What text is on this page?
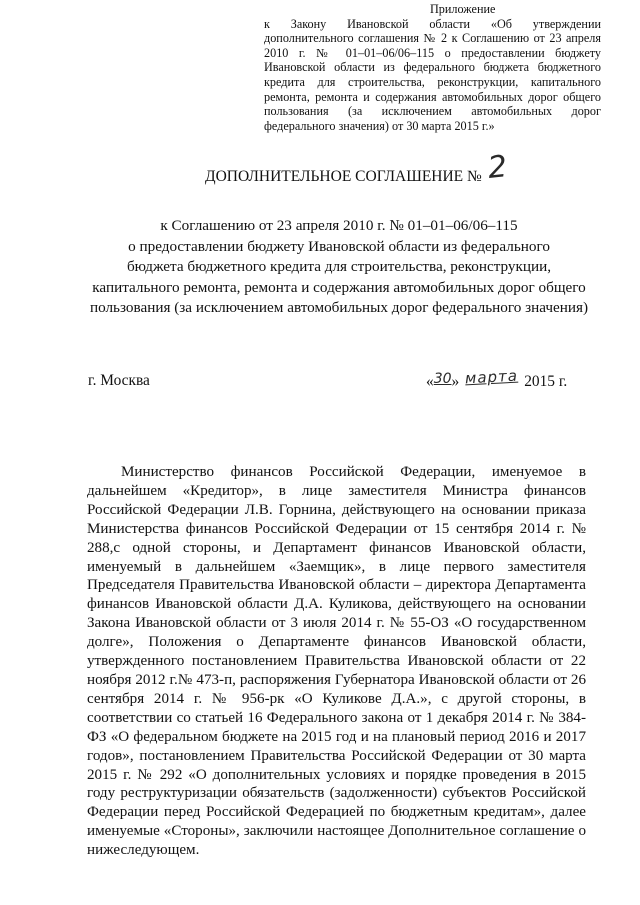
Приложение
к Закону Ивановской области «Об утверждении дополнительного соглашения № 2 к Соглашению от 23 апреля 2010 г. № 01–01–06/06–115 о предоставлении бюджету Ивановской области из федерального бюджета бюджетного кредита для строительства, реконструкции, капитального ремонта, ремонта и содержания автомобильных дорог общего пользования (за исключением автомобильных дорог федерального значения) от 30 марта 2015 г.»
ДОПОЛНИТЕЛЬНОЕ СОГЛАШЕНИЕ № 2
к Соглашению от 23 апреля 2010 г. № 01–01–06/06–115
о предоставлении бюджету Ивановской области из федерального
бюджета бюджетного кредита для строительства, реконструкции,
капитального ремонта, ремонта и содержания автомобильных дорог общего
пользования (за исключением автомобильных дорог федерального значения)
г. Москва	«30» марта 2015 г.
Министерство финансов Российской Федерации, именуемое в дальнейшем «Кредитор», в лице заместителя Министра финансов Российской Федерации Л.В. Горнина, действующего на основании приказа Министерства финансов Российской Федерации от 15 сентября 2014 г. № 288,с одной стороны, и Департамент финансов Ивановской области, именуемый в дальнейшем «Заемщик», в лице первого заместителя Председателя Правительства Ивановской области – директора Департамента финансов Ивановской области Д.А. Куликова, действующего на основании Закона Ивановской области от 3 июля 2014 г. № 55-ОЗ «О государственном долге», Положения о Департаменте финансов Ивановской области, утвержденного постановлением Правительства Ивановской области от 22 ноября 2012 г.№ 473-п, распоряжения Губернатора Ивановской области от 26 сентября 2014 г. № 956-рк «О Куликове Д.А.», с другой стороны, в соответствии со статьей 16 Федерального закона от 1 декабря 2014 г. № 384-ФЗ «О федеральном бюджете на 2015 год и на плановый период 2016 и 2017 годов», постановлением Правительства Российской Федерации от 30 марта 2015 г. № 292 «О дополнительных условиях и порядке проведения в 2015 году реструктуризации обязательств (задолженности) субъектов Российской Федерации перед Российской Федерацией по бюджетным кредитам», далее именуемые «Стороны», заключили настоящее Дополнительное соглашение о нижеследующем.
